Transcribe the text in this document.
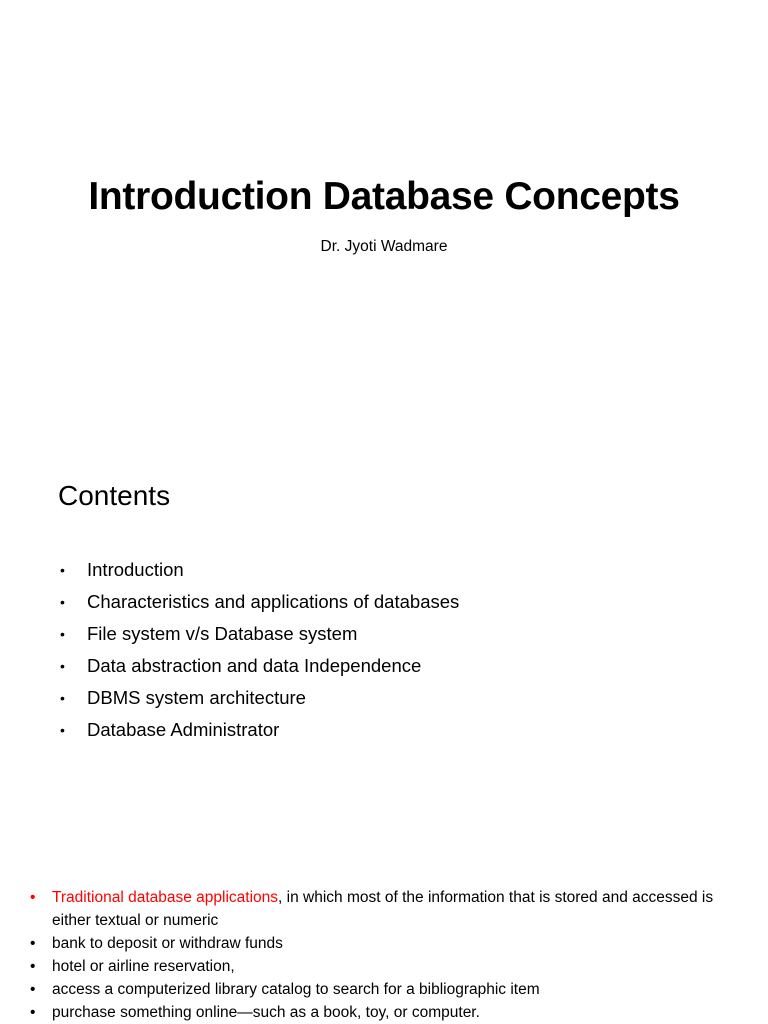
Introduction Database Concepts
Dr. Jyoti Wadmare
Contents
• Introduction
• Characteristics and applications of databases
• File system v/s Database system
• Data abstraction and data Independence
• DBMS system architecture
• Database Administrator
• Traditional database applications, in which most of the information that is stored and accessed is either textual or numeric
• bank to deposit or withdraw funds
• hotel or airline reservation,
• access a computerized library catalog to search for a bibliographic item
• purchase something online—such as a book, toy, or computer.
